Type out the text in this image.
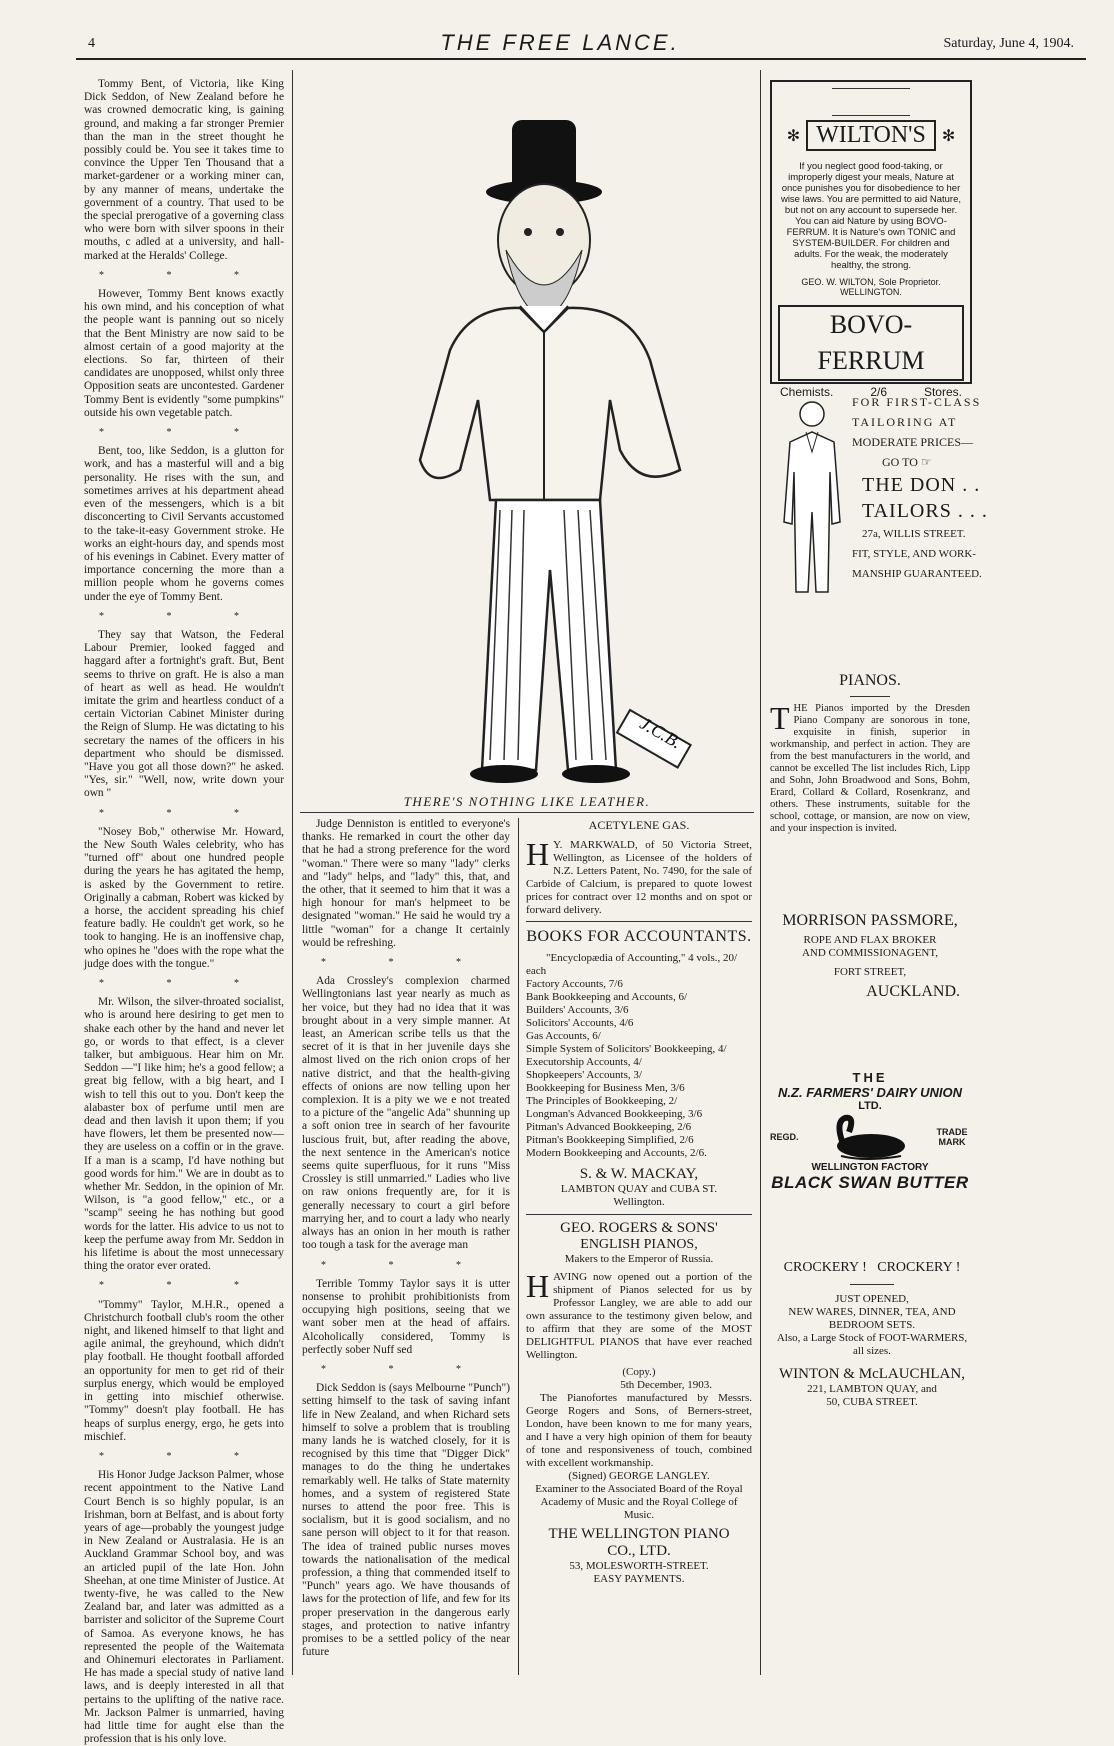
4	THE FREE LANCE.	Saturday, June 4, 1904.

Tommy Bent, of Victoria, like King Dick Seddon, of New Zealand before he was crowned democratic king, is gaining ground, and making a far stronger Premier than the man in the street thought he possibly could be. You see it takes time to convince the Upper Ten Thousand that a market-gardener or a working miner can, by any manner of means, undertake the government of a country. That used to be the special prerogative of a governing class who were born with silver spoons in their mouths, c adled at a university, and hall-marked at the Heralds' College.

* * *

However, Tommy Bent knows exactly his own mind, and his conception of what the people want is panning out so nicely that the Bent Ministry are now said to be almost certain of a good majority at the elections. So far, thirteen of their candidates are unopposed, whilst only three Opposition seats are uncontested. Gardener Tommy Bent is evidently "some pumpkins" outside his own vegetable patch.

* * *

Bent, too, like Seddon, is a glutton for work, and has a masterful will and a big personality. He rises with the sun, and sometimes arrives at his department ahead even of the messengers, which is a bit disconcerting to Civil Servants accustomed to the take-it-easy Government stroke. He works an eight-hours day, and spends most of his evenings in Cabinet. Every matter of importance concerning the more than a million people whom he governs comes under the eye of Tommy Bent.

* * *

They say that Watson, the Federal Labour Premier, looked fagged and haggard after a fortnight's graft. But, Bent seems to thrive on graft. He is also a man of heart as well as head. He wouldn't imitate the grim and heartless conduct of a certain Victorian Cabinet Minister during the Reign of Slump. He was dictating to his secretary the names of the officers in his department who should be dismissed. "Have you got all those down?" he asked. "Yes, sir." "Well, now, write down your own "

* * *

"Nosey Bob," otherwise Mr. Howard, the New South Wales celebrity, who has "turned off" about one hundred people during the years he has agitated the hemp, is asked by the Government to retire. Originally a cabman, Robert was kicked by a horse, the accident spreading his chief feature badly. He couldn't get work, so he took to hanging. He is an inoffensive chap, who opines he "does with the rope what the judge does with the tongue."

* * *

Mr. Wilson, the silver-throated socialist, who is around here desiring to get men to shake each other by the hand and never let go, or words to that effect, is a clever talker, but ambiguous. Hear him on Mr. Seddon —"I like him; he's a good fellow; a great big fellow, with a big heart, and I wish to tell this out to you. Don't keep the alabaster box of perfume until men are dead and then lavish it upon them; if you have flowers, let them be presented now—they are useless on a coffin or in the grave. If a man is a scamp, I'd have nothing but good words for him." We are in doubt as to whether Mr. Seddon, in the opinion of Mr. Wilson, is "a good fellow," etc., or a "scamp" seeing he has nothing but good words for the latter. His advice to us not to keep the perfume away from Mr. Seddon in his lifetime is about the most unnecessary thing the orator ever orated.

* * *

"Tommy" Taylor, M.H.R., opened a Christchurch football club's room the other night, and likened himself to that light and agile animal, the greyhound, which didn't play football. He thought football afforded an opportunity for men to get rid of their surplus energy, which would be employed in getting into mischief otherwise. "Tommy" doesn't play football. He has heaps of surplus energy, ergo, he gets into mischief.

* * *

His Honor Judge Jackson Palmer, whose recent appointment to the Native Land Court Bench is so highly popular, is an Irishman, born at Belfast, and is about forty years of age—probably the youngest judge in New Zealand or Australasia. He is an Auckland Grammar School boy, and was an articled pupil of the late Hon. John Sheehan, at one time Minister of Justice. At twenty-five, he was called to the New Zealand bar, and later was admitted as a barrister and solicitor of the Supreme Court of Samoa. As everyone knows, he has represented the people of the Waitemata and Ohinemuri electorates in Parliament. He has made a special study of native land laws, and is deeply interested in all that pertains to the uplifting of the native race. Mr. Jackson Palmer is unmarried, having had little time for aught else than the profession that is his only love.

J.C.B.
THERE'S NOTHING LIKE LEATHER.

Judge Denniston is entitled to everyone's thanks. He remarked in court the other day that he had a strong preference for the word "woman." There were so many "lady" clerks and "lady" helps, and "lady" this, that, and the other, that it seemed to him that it was a high honour for man's helpmeet to be designated "woman." He said he would try a little "woman" for a change It certainly would be refreshing.

* * *

Ada Crossley's complexion charmed Wellingtonians last year nearly as much as her voice, but they had no idea that it was brought about in a very simple manner. At least, an American scribe tells us that the secret of it is that in her juvenile days she almost lived on the rich onion crops of her native district, and that the health-giving effects of onions are now telling upon her complexion. It is a pity we we e not treated to a picture of the "angelic Ada" shunning up a soft onion tree in search of her favourite luscious fruit, but, after reading the above, the next sentence in the American's notice seems quite superfluous, for it runs "Miss Crossley is still unmarried." Ladies who live on raw onions frequently are, for it is generally necessary to court a girl before marrying her, and to court a lady who nearly always has an onion in her mouth is rather too tough a task for the average man

* * *

Terrible Tommy Taylor says it is utter nonsense to prohibit prohibitionists from occupying high positions, seeing that we want sober men at the head of affairs. Alcoholically considered, Tommy is perfectly sober Nuff sed

* * *

Dick Seddon is (says Melbourne "Punch") setting himself to the task of saving infant life in New Zealand, and when Richard sets himself to solve a problem that is troubling many lands he is watched closely, for it is recognised by this time that "Digger Dick" manages to do the thing he undertakes remarkably well. He talks of State maternity homes, and a system of registered State nurses to attend the poor free. This is socialism, but it is good socialism, and no sane person will object to it for that reason. The idea of trained public nurses moves towards the nationalisation of the medical profession, a thing that commended itself to "Punch" years ago. We have thousands of laws for the protection of life, and few for its proper preservation in the dangerous early stages, and protection to native infantry promises to be a settled policy of the near future

ACETYLENE GAS.
H Y. MARKWALD, of 50 Victoria Street, Wellington, as Licensee of the holders of N.Z. Letters Patent, No. 7490, for the sale of Carbide of Calcium, is prepared to quote lowest prices for contract over 12 months and on spot or forward delivery.
BOOKS FOR ACCOUNTANTS.
"Encyclopædia of Accounting," 4 vols., 20/ each
Factory Accounts, 7/6
Bank Bookkeeping and Accounts, 6/
Builders' Accounts, 3/6
Solicitors' Accounts, 4/6
Gas Accounts, 6/
Simple System of Solicitors' Bookkeeping, 4/
Executorship Accounts, 4/
Shopkeepers' Accounts, 3/
Bookkeeping for Business Men, 3/6
The Principles of Bookkeeping, 2/
Longman's Advanced Bookkeeping, 3/6
Pitman's Advanced Bookkeeping, 2/6
Pitman's Bookkeeping Simplified, 2/6
Modern Bookkeeping and Accounts, 2/6.
S. & W. MACKAY,
LAMBTON QUAY and CUBA ST.
Wellington.
GEO. ROGERS & SONS'
ENGLISH PIANOS,
Makers to the Emperor of Russia.
HAVING now opened out a portion of the shipment of Pianos selected for us by Professor Langley, we are able to add our own assurance to the testimony given below, and to affirm that they are some of the MOST DELIGHTFUL PIANOS that have ever reached Wellington.
(Copy.)
5th December, 1903.
The Pianofortes manufactured by Messrs. George Rogers and Sons, of Berners-street, London, have been known to me for many years, and I have a very high opinion of them for beauty of tone and responsiveness of touch, combined with excellent workmanship.
(Signed) GEORGE LANGLEY.
Examiner to the Associated Board of the Royal Academy of Music and the Royal College of Music.
THE WELLINGTON PIANO
CO., LTD.
53, MOLESWORTH-STREET.
EASY PAYMENTS.
✻ WILTON'S	✻
If you neglect good food-taking, or improperly digest your meals, Nature at once punishes you for disobedience to her wise laws. You are permitted to aid Nature, but not on any account to supersede her. You can aid Nature by using BOVO-FERRUM. It is Nature's own TONIC and SYSTEM-BUILDER. For children and adults. For the weak, the moderately healthy, the strong.
GEO. W. WILTON, Sole Proprietor.
WELLINGTON.
BOVO-FERRUM
Chemists.	2/6	Stores.
FOR FIRST-CLASS
TAILORING AT
MODERATE PRICES—
GO TO ☞
THE DON . .
TAILORS . . .
27a, WILLIS STREET.
FIT, STYLE, AND WORK-
MANSHIP GUARANTEED.
PIANOS.
THE Pianos imported by the Dresden Piano Company are sonorous in tone, exquisite in finish, superior in workmanship, and perfect in action. They are from the best manufacturers in the world, and cannot be excelled The list includes Rich, Lipp and Sohn, John Broadwood and Sons, Bohm, Erard, Collard & Collard, Rosenkranz, and others. These instruments, suitable for the school, cottage, or mansion, are now on view, and your inspection is invited.
MORRISON PASSMORE,
ROPE AND FLAX BROKER
AND COMMISSIONAGENT,
FORT STREET,
AUCKLAND.
THE
N.Z. FARMERS' DAIRY UNION
LTD.
REGD.	TRADE MARK
WELLINGTON FACTORY
BLACK SWAN BUTTER
CROCKERY !   CROCKERY !
JUST OPENED,
NEW WARES, DINNER, TEA, AND
BEDROOM SETS.
Also, a Large Stock of FOOT-WARMERS,
all sizes.
WINTON & McLAUCHLAN,
221, LAMBTON QUAY, and
50, CUBA STREET.
